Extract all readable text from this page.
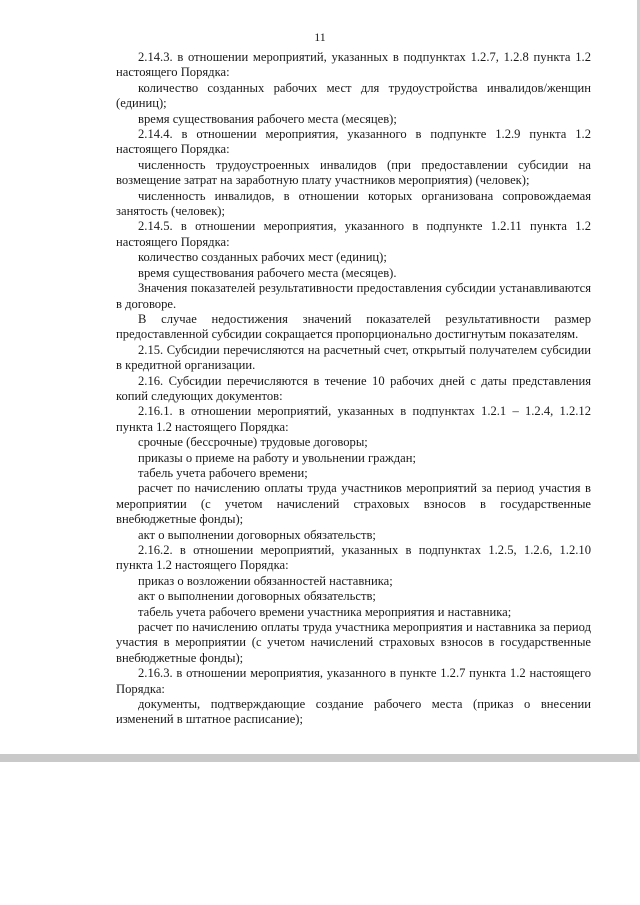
11

2.14.3. в отношении мероприятий, указанных в подпунктах 1.2.7, 1.2.8 пункта 1.2 настоящего Порядка:

количество созданных рабочих мест для трудоустройства инвалидов/женщин (единиц);

время существования рабочего места (месяцев);

2.14.4. в отношении мероприятия, указанного в подпункте 1.2.9 пункта 1.2 настоящего Порядка:

численность трудоустроенных инвалидов (при предоставлении субсидии на возмещение затрат на заработную плату участников мероприятия) (человек);

численность инвалидов, в отношении которых организована сопровождаемая занятость (человек);

2.14.5. в отношении мероприятия, указанного в подпункте 1.2.11 пункта 1.2 настоящего Порядка:

количество созданных рабочих мест (единиц);

время существования рабочего места (месяцев).

Значения показателей результативности предоставления субсидии устанавливаются в договоре.

В случае недостижения значений показателей результативности размер предоставленной субсидии сокращается пропорционально достигнутым показателям.

2.15. Субсидии перечисляются на расчетный счет, открытый получателем субсидии в кредитной организации.

2.16. Субсидии перечисляются в течение 10 рабочих дней с даты представления копий следующих документов:

2.16.1. в отношении мероприятий, указанных в подпунктах 1.2.1 – 1.2.4, 1.2.12 пункта 1.2 настоящего Порядка:

срочные (бессрочные) трудовые договоры;

приказы о приеме на работу и увольнении граждан;

табель учета рабочего времени;

расчет по начислению оплаты труда участников мероприятий за период участия в мероприятии (с учетом начислений страховых взносов в государственные внебюджетные фонды);

акт о выполнении договорных обязательств;

2.16.2. в отношении мероприятий, указанных в подпунктах 1.2.5, 1.2.6, 1.2.10 пункта 1.2 настоящего Порядка:

приказ о возложении обязанностей наставника;

акт о выполнении договорных обязательств;

табель учета рабочего времени участника мероприятия и наставника;

расчет по начислению оплаты труда участника мероприятия и наставника за период участия в мероприятии (с учетом начислений страховых взносов в государственные внебюджетные фонды);

2.16.3. в отношении мероприятия, указанного в пункте 1.2.7 пункта 1.2 настоящего Порядка:

документы, подтверждающие создание рабочего места (приказ о внесении изменений в штатное расписание);
